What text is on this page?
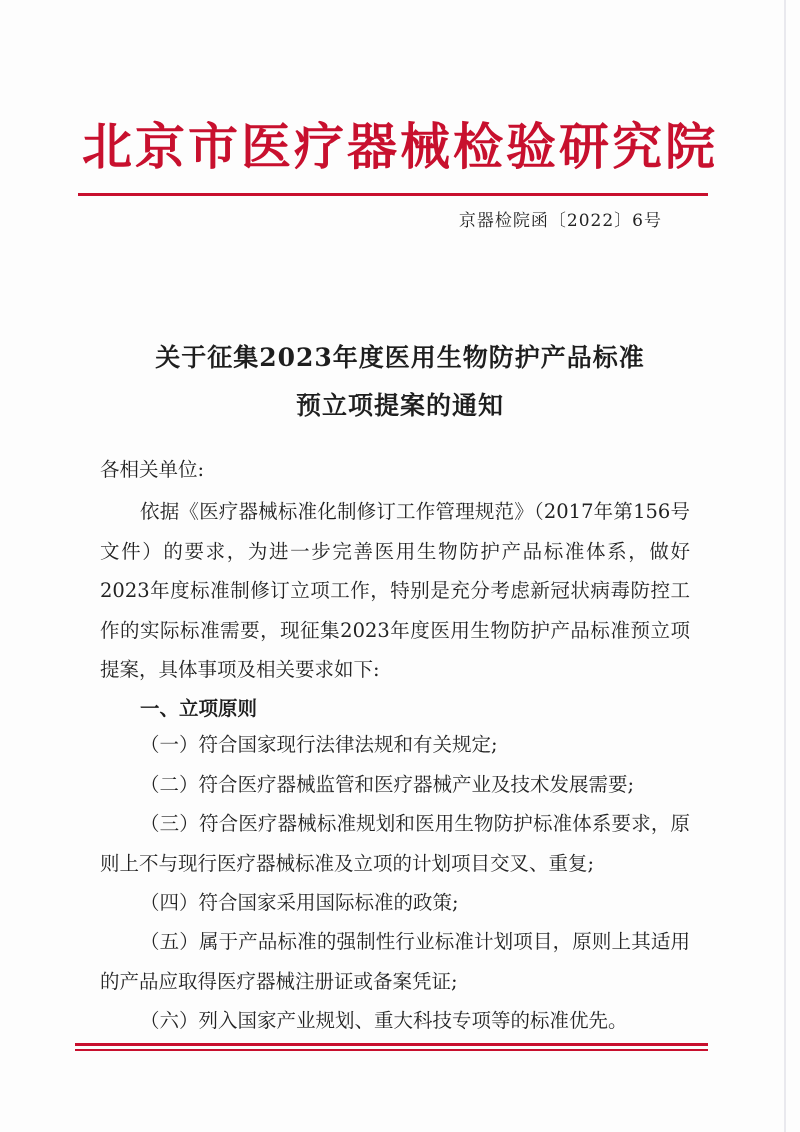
北京市医疗器械检验研究院
京器检院函〔2022〕6号
关于征集2023年度医用生物防护产品标准
预立项提案的通知
各相关单位:
依据《医疗器械标准化制修订工作管理规范》（2017年第156号文件）的要求，为进一步完善医用生物防护产品标准体系，做好2023年度标准制修订立项工作，特别是充分考虑新冠状病毒防控工作的实际标准需要，现征集2023年度医用生物防护产品标准预立项提案，具体事项及相关要求如下:
一、立项原则
（一）符合国家现行法律法规和有关规定;
（二）符合医疗器械监管和医疗器械产业及技术发展需要;
（三）符合医疗器械标准规划和医用生物防护标准体系要求，原则上不与现行医疗器械标准及立项的计划项目交叉、重复;
（四）符合国家采用国际标准的政策;
（五）属于产品标准的强制性行业标准计划项目，原则上其适用的产品应取得医疗器械注册证或备案凭证;
（六）列入国家产业规划、重大科技专项等的标准优先。
